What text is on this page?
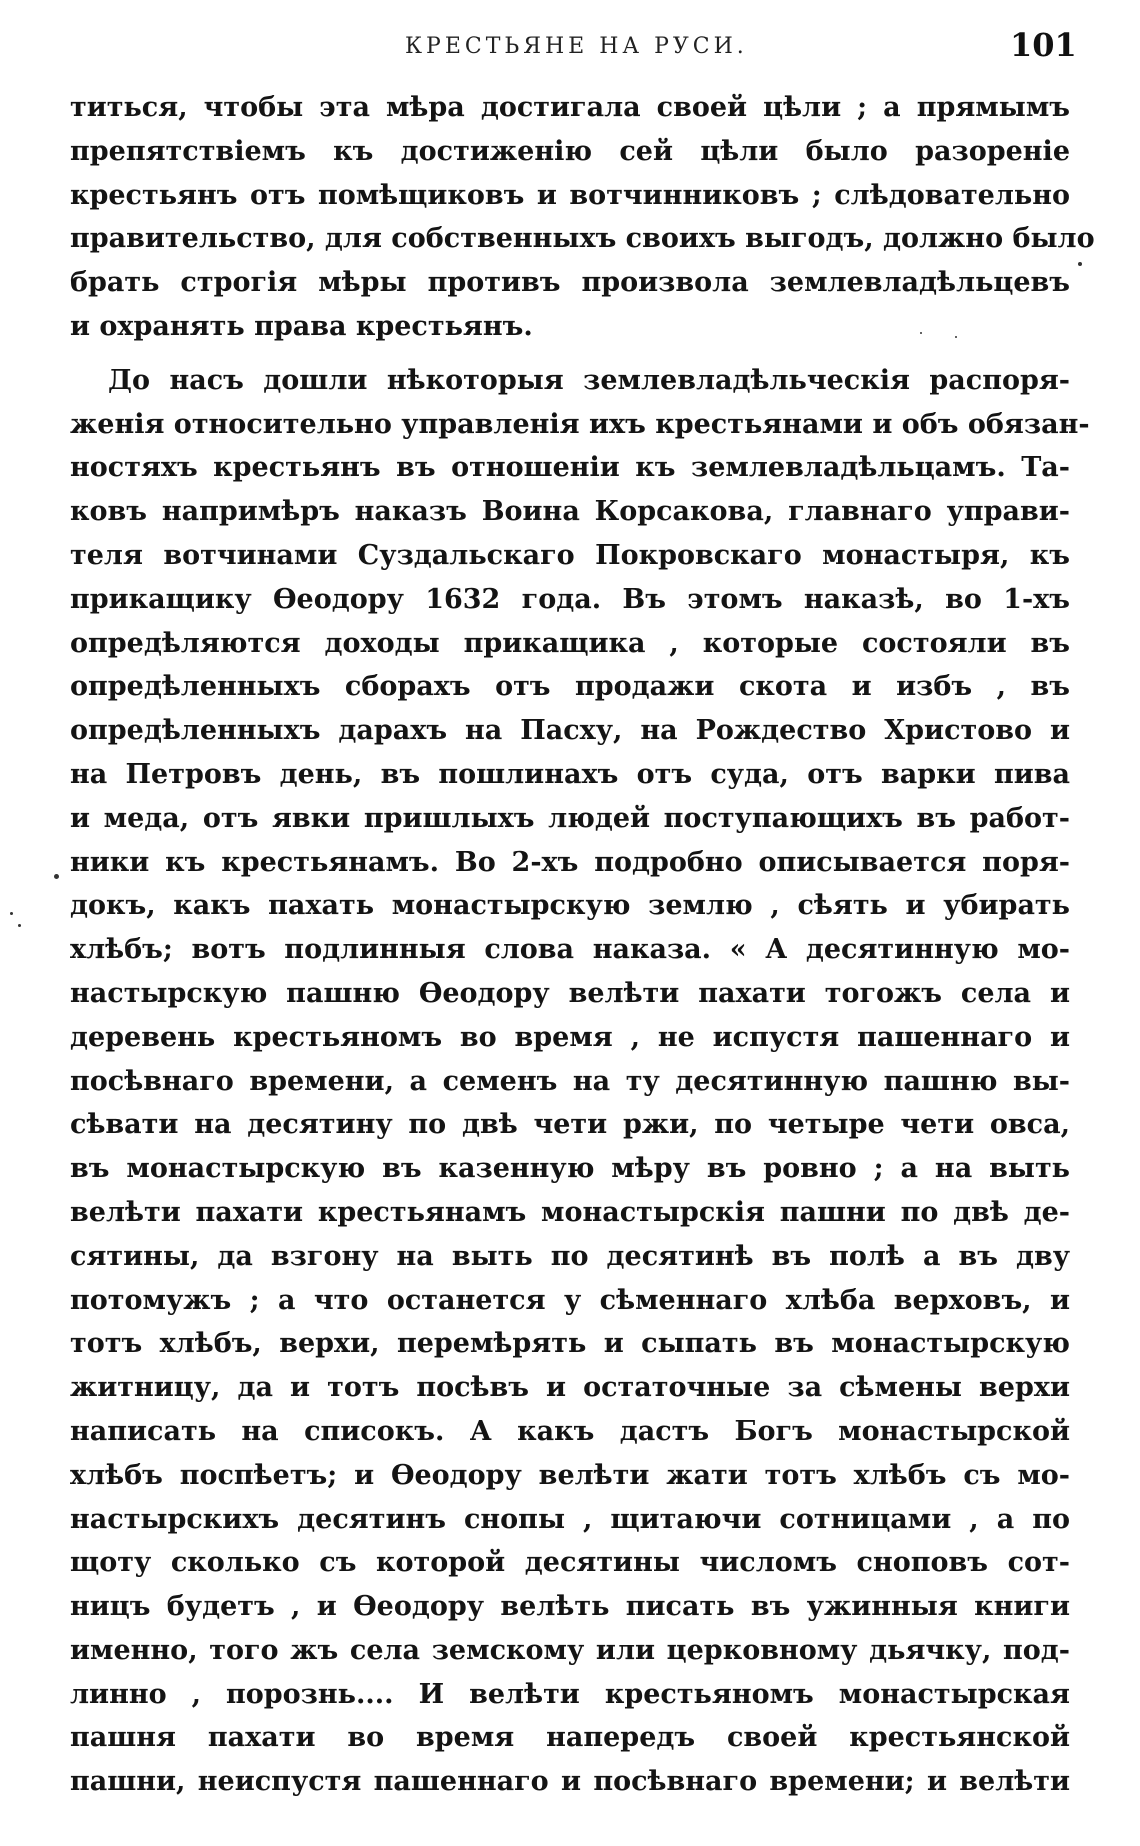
КРЕСТЬЯНЕ НА РУСИ.	101
титься, чтобы эта мѣра достигала своей цѣли ; а прямымъ
препятствіемъ къ достиженію сей цѣли было разореніе
крестьянъ отъ помѣщиковъ и вотчинниковъ ; слѣдовательно
правительство, для собственныхъ своихъ выгодъ, должно было
брать строгія мѣры противъ произвола землевладѣльцевъ
и охранять права крестьянъ.
До насъ дошли нѣкоторыя землевладѣльческія распоря-
женія относительно управленія ихъ крестьянами и объ обязан-
ностяхъ крестьянъ въ отношеніи къ землевладѣльцамъ. Та-
ковъ напримѣръ наказъ Воина Корсакова, главнаго управи-
теля вотчинами Суздальскаго Покровскаго монастыря, къ
прикащику Ѳеодору 1632 года. Въ этомъ наказѣ, во 1-хъ
опредѣляются доходы прикащика , которые состояли въ
опредѣленныхъ сборахъ отъ продажи скота и избъ , въ
опредѣленныхъ дарахъ на Пасху, на Рождество Христово и
на Петровъ день, въ пошлинахъ отъ суда, отъ варки пива
и меда, отъ явки пришлыхъ людей поступающихъ въ работ-
ники къ крестьянамъ. Во 2-хъ подробно описывается поря-
докъ, какъ пахать монастырскую землю , сѣять и убирать
хлѣбъ; вотъ подлинныя слова наказа. « А десятинную мо-
настырскую пашню Ѳеодору велѣти пахати тогожъ села и
деревень крестьяномъ во время , не испустя пашеннаго и
посѣвнаго времени, а семенъ на ту десятинную пашню вы-
сѣвати на десятину по двѣ чети ржи, по четыре чети овса,
въ монастырскую въ казенную мѣру въ ровно ; а на выть
велѣти пахати крестьянамъ монастырскія пашни по двѣ де-
сятины, да взгону на выть по десятинѣ въ полѣ а въ дву
потомужъ ; а что останется у сѣменнаго хлѣба верховъ, и
тотъ хлѣбъ, верхи, перемѣрять и сыпать въ монастырскую
житницу, да и тотъ посѣвъ и остаточные за сѣмены верхи
написать на списокъ. А какъ дастъ Богъ монастырской
хлѣбъ поспѣетъ; и Ѳеодору велѣти жати тотъ хлѣбъ съ мо-
настырскихъ десятинъ снопы , щитаючи сотницами , а по
щоту сколько съ которой десятины числомъ сноповъ сот-
ницъ будетъ , и Ѳеодору велѣть писать въ ужинныя книги
именно, того жъ села земскому или церковному дьячку, под-
линно , порознь.... И велѣти крестьяномъ монастырская
пашня пахати во время напередъ своей крестьянской
пашни, неиспустя пашеннаго и посѣвнаго времени; и велѣти
